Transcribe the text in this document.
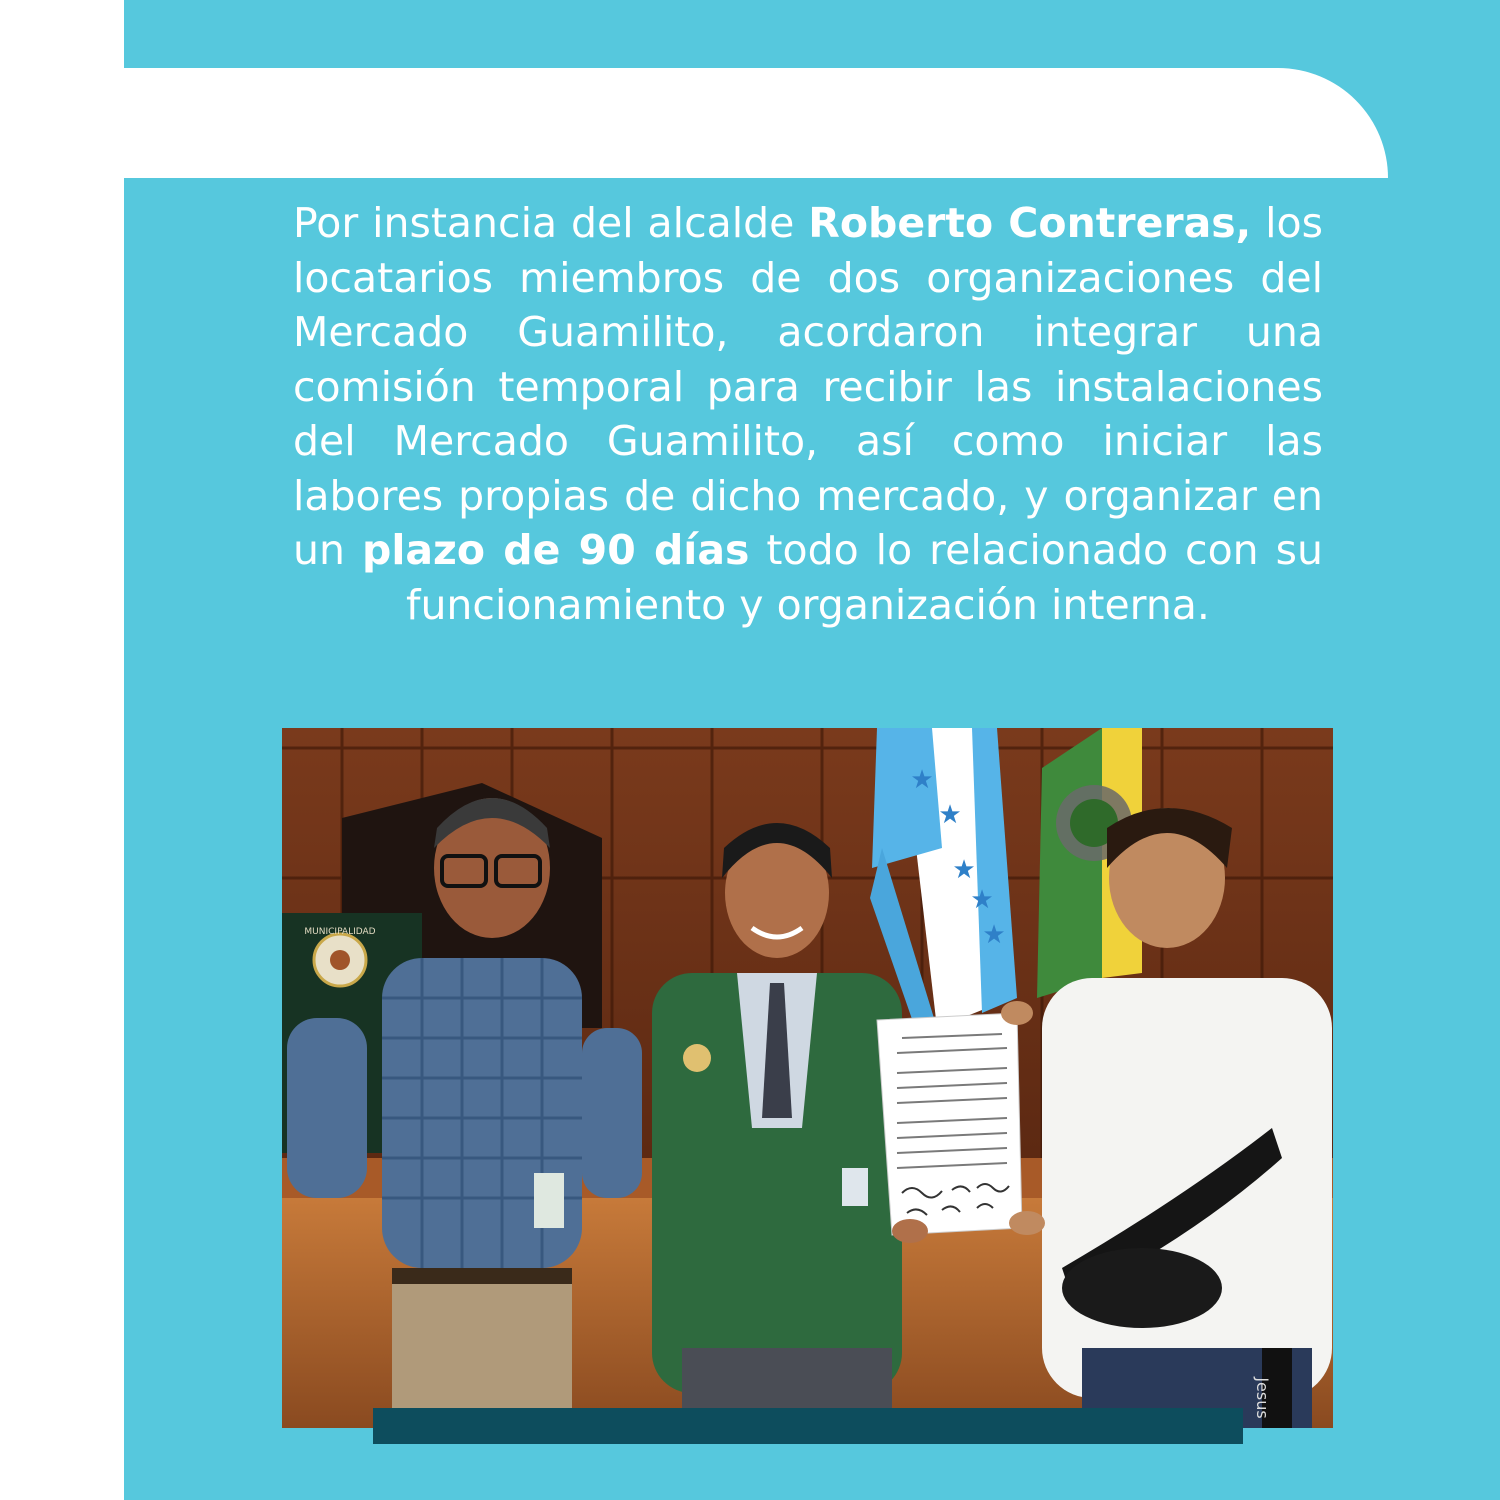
Por instancia del alcalde Roberto Contreras, los locatarios miembros de dos organizaciones del Mercado Guamilito, acordaron integrar una comisión temporal para recibir las instalaciones del Mercado Guamilito, así como iniciar las labores propias de dicho mercado, y organizar en un plazo de 90 días todo lo relacionado con su funcionamiento y organización interna.

MUNICIPALIDAD
★
★
★
★
★
Jesus
